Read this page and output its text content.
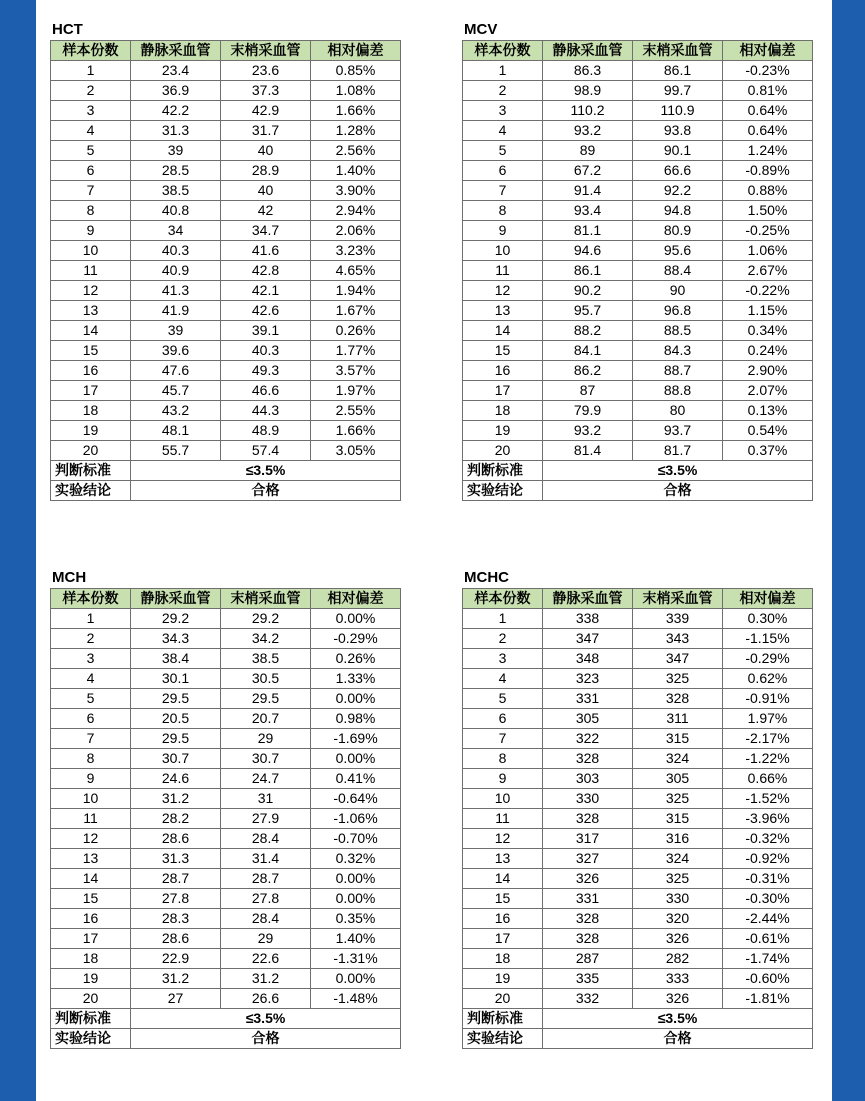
HCT
样本份数	静脉采血管	末梢采血管	相对偏差
1	23.4	23.6	0.85%
2	36.9	37.3	1.08%
3	42.2	42.9	1.66%
4	31.3	31.7	1.28%
5	39	40	2.56%
6	28.5	28.9	1.40%
7	38.5	40	3.90%
8	40.8	42	2.94%
9	34	34.7	2.06%
10	40.3	41.6	3.23%
11	40.9	42.8	4.65%
12	41.3	42.1	1.94%
13	41.9	42.6	1.67%
14	39	39.1	0.26%
15	39.6	40.3	1.77%
16	47.6	49.3	3.57%
17	45.7	46.6	1.97%
18	43.2	44.3	2.55%
19	48.1	48.9	1.66%
20	55.7	57.4	3.05%
判断标准	≤3.5%		
实验结论	合格		
MCV
样本份数	静脉采血管	末梢采血管	相对偏差
1	86.3	86.1	-0.23%
2	98.9	99.7	0.81%
3	110.2	110.9	0.64%
4	93.2	93.8	0.64%
5	89	90.1	1.24%
6	67.2	66.6	-0.89%
7	91.4	92.2	0.88%
8	93.4	94.8	1.50%
9	81.1	80.9	-0.25%
10	94.6	95.6	1.06%
11	86.1	88.4	2.67%
12	90.2	90	-0.22%
13	95.7	96.8	1.15%
14	88.2	88.5	0.34%
15	84.1	84.3	0.24%
16	86.2	88.7	2.90%
17	87	88.8	2.07%
18	79.9	80	0.13%
19	93.2	93.7	0.54%
20	81.4	81.7	0.37%
判断标准	≤3.5%		
实验结论	合格		
MCH
样本份数	静脉采血管	末梢采血管	相对偏差
1	29.2	29.2	0.00%
2	34.3	34.2	-0.29%
3	38.4	38.5	0.26%
4	30.1	30.5	1.33%
5	29.5	29.5	0.00%
6	20.5	20.7	0.98%
7	29.5	29	-1.69%
8	30.7	30.7	0.00%
9	24.6	24.7	0.41%
10	31.2	31	-0.64%
11	28.2	27.9	-1.06%
12	28.6	28.4	-0.70%
13	31.3	31.4	0.32%
14	28.7	28.7	0.00%
15	27.8	27.8	0.00%
16	28.3	28.4	0.35%
17	28.6	29	1.40%
18	22.9	22.6	-1.31%
19	31.2	31.2	0.00%
20	27	26.6	-1.48%
判断标准	≤3.5%		
实验结论	合格		
MCHC
样本份数	静脉采血管	末梢采血管	相对偏差
1	338	339	0.30%
2	347	343	-1.15%
3	348	347	-0.29%
4	323	325	0.62%
5	331	328	-0.91%
6	305	311	1.97%
7	322	315	-2.17%
8	328	324	-1.22%
9	303	305	0.66%
10	330	325	-1.52%
11	328	315	-3.96%
12	317	316	-0.32%
13	327	324	-0.92%
14	326	325	-0.31%
15	331	330	-0.30%
16	328	320	-2.44%
17	328	326	-0.61%
18	287	282	-1.74%
19	335	333	-0.60%
20	332	326	-1.81%
判断标准	≤3.5%		
实验结论	合格		
